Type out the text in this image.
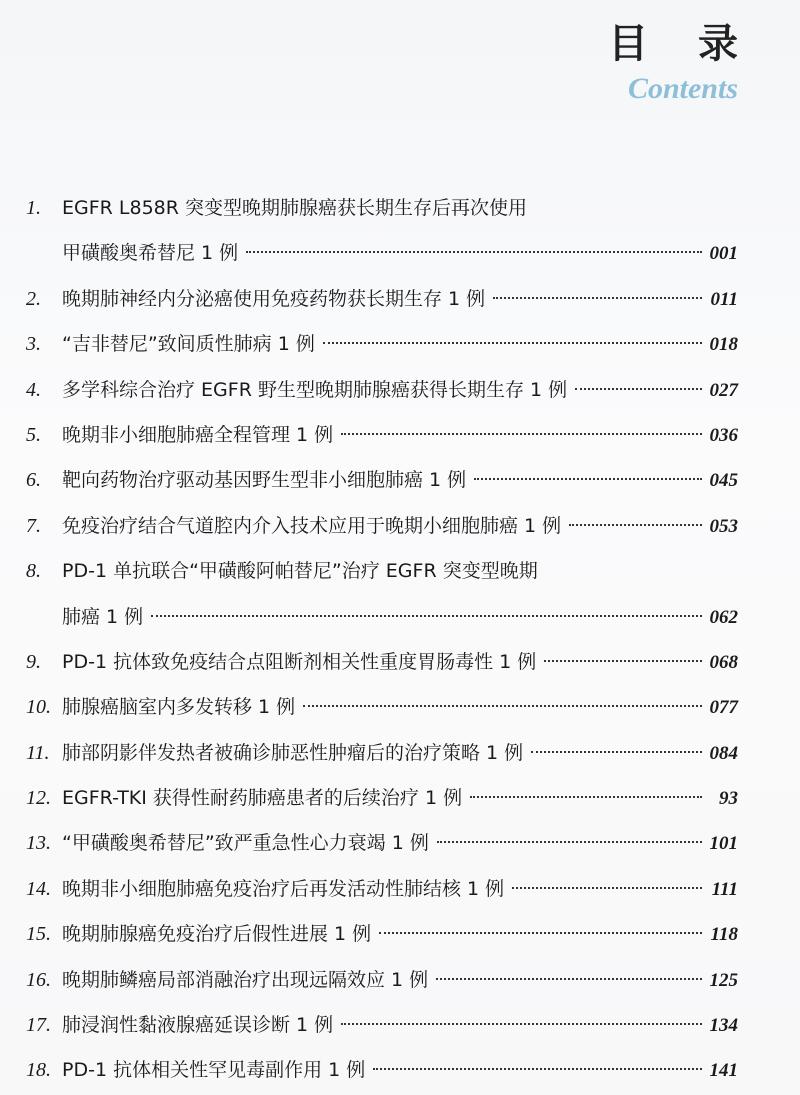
目 录
Contents
1.	EGFR L858R 突变型晚期肺腺癌获长期生存后再次使用
甲磺酸奥希替尼 1 例	001
2.	晚期肺神经内分泌癌使用免疫药物获长期生存 1 例	011
3.	“吉非替尼”致间质性肺病 1 例	018
4.	多学科综合治疗 EGFR 野生型晚期肺腺癌获得长期生存 1 例	027
5.	晚期非小细胞肺癌全程管理 1 例	036
6.	靶向药物治疗驱动基因野生型非小细胞肺癌 1 例	045
7.	免疫治疗结合气道腔内介入技术应用于晚期小细胞肺癌 1 例	053
8.	PD-1 单抗联合“甲磺酸阿帕替尼”治疗 EGFR 突变型晚期
肺癌 1 例	062
9.	PD-1 抗体致免疫结合点阻断剂相关性重度胃肠毒性 1 例	068
10. 肺腺癌脑室内多发转移 1 例	077
11. 肺部阴影伴发热者被确诊肺恶性肿瘤后的治疗策略 1 例	084
12. EGFR-TKI 获得性耐药肺癌患者的后续治疗 1 例	93
13. “甲磺酸奥希替尼”致严重急性心力衰竭 1 例	101
14. 晚期非小细胞肺癌免疫治疗后再发活动性肺结核 1 例	111
15. 晚期肺腺癌免疫治疗后假性进展 1 例	118
16. 晚期肺鳞癌局部消融治疗出现远隔效应 1 例	125
17. 肺浸润性黏液腺癌延误诊断 1 例	134
18. PD-1 抗体相关性罕见毒副作用 1 例	141
